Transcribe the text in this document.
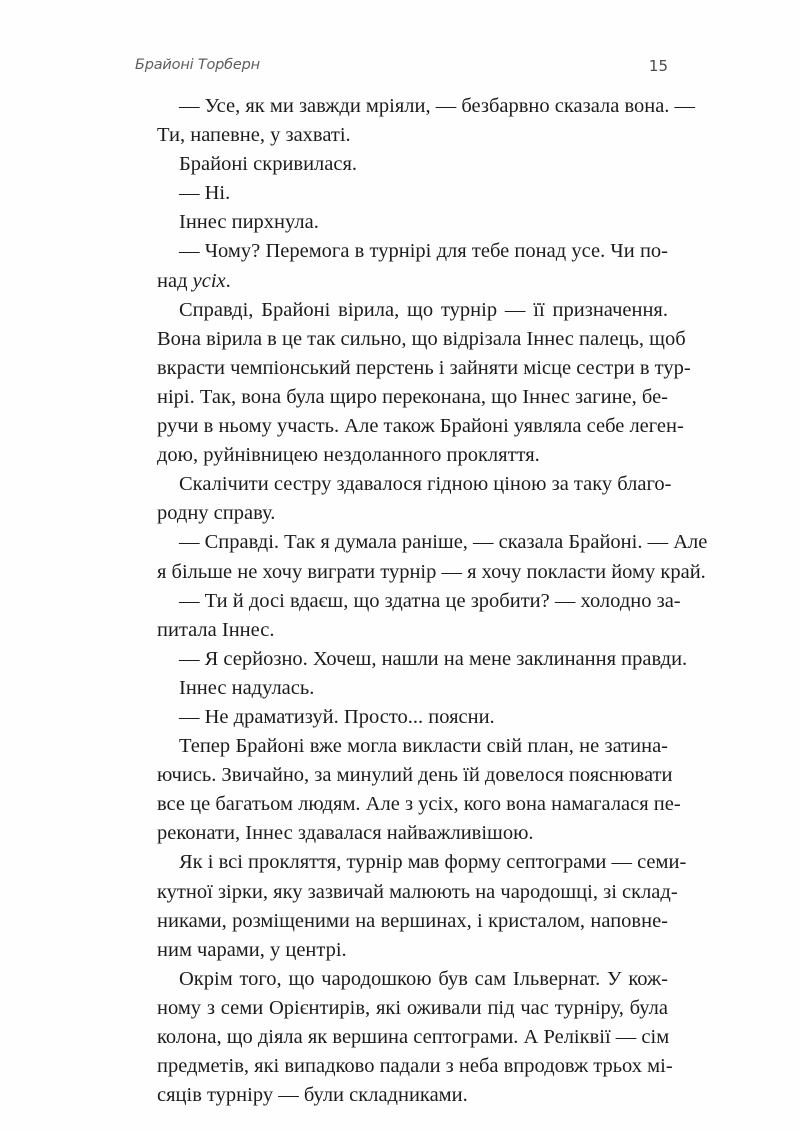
Брайоні Торберн	15
— Усе, як ми завжди мріяли, — безбарвно сказала вона. —
Ти, напевне, у захваті.
Брайоні скривилася.
— Ні.
Іннес пирхнула.
— Чому? Перемога в турнірі для тебе понад усе. Чи по-
над усіх.
Справді, Брайоні вірила, що турнір — її призначення.
Вона вірила в це так сильно, що відрізала Іннес палець, щоб
вкрасти чемпіонський перстень і зайняти місце сестри в тур-
нірі. Так, вона була щиро переконана, що Іннес загине, бе-
ручи в ньому участь. Але також Брайоні уявляла себе леген-
дою, руйнівницею нездоланного прокляття.
Скалічити сестру здавалося гідною ціною за таку благо-
родну справу.
— Справді. Так я думала раніше, — сказала Брайоні. — Але
я більше не хочу виграти турнір — я хочу покласти йому край.
— Ти й досі вдаєш, що здатна це зробити? — холодно за-
питала Іннес.
— Я серйозно. Хочеш, нашли на мене заклинання правди.
Іннес надулась.
— Не драматизуй. Просто... поясни.
Тепер Брайоні вже могла викласти свій план, не затина-
ючись. Звичайно, за минулий день їй довелося пояснювати
все це багатьом людям. Але з усіх, кого вона намагалася пе-
реконати, Іннес здавалася найважливішою.
Як і всі прокляття, турнір мав форму септограми — семи-
кутної зірки, яку зазвичай малюють на чародошці, зі склад-
никами, розміщеними на вершинах, і кристалом, наповне-
ним чарами, у центрі.
Окрім того, що чародошкою був сам Ільвернат. У кож-
ному з семи Орієнтирів, які оживали під час турніру, була
колона, що діяла як вершина септограми. А Реліквії — сім
предметів, які випадково падали з неба впродовж трьох мі-
сяців турніру — були складниками.
